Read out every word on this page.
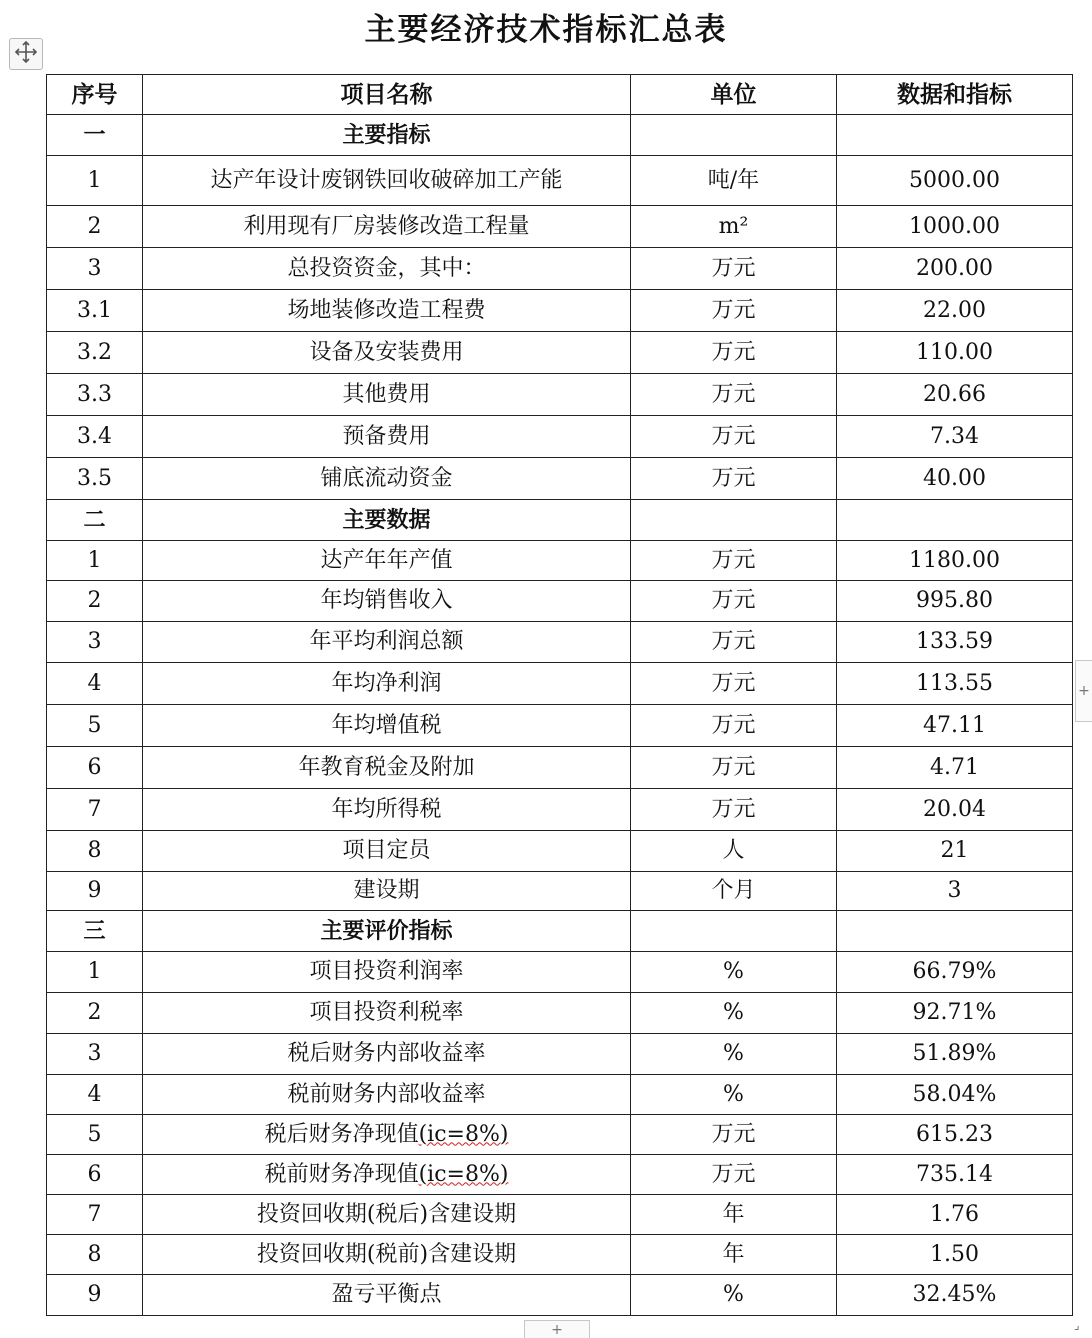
主要经济技术指标汇总表
序号	项目名称	单位	数据和指标
一	主要指标		
1	达产年设计废钢铁回收破碎加工产能	吨/年	5000.00
2	利用现有厂房装修改造工程量	m²	1000.00
3	总投资资金，其中：	万元	200.00
3.1	场地装修改造工程费	万元	22.00
3.2	设备及安装费用	万元	110.00
3.3	其他费用	万元	20.66
3.4	预备费用	万元	7.34
3.5	铺底流动资金	万元	40.00
二	主要数据		
1	达产年年产值	万元	1180.00
2	年均销售收入	万元	995.80
3	年平均利润总额	万元	133.59
4	年均净利润	万元	113.55
5	年均增值税	万元	47.11
6	年教育税金及附加	万元	4.71
7	年均所得税	万元	20.04
8	项目定员	人	21
9	建设期	个月	3
三	主要评价指标		
1	项目投资利润率	%	66.79%
2	项目投资利税率	%	92.71%
3	税后财务内部收益率	%	51.89%
4	税前财务内部收益率	%	58.04%
5	税后财务净现值(ic=8%)	万元	615.23
6	税前财务净现值(ic=8%)	万元	735.14
7	投资回收期(税后)含建设期	年	1.76
8	投资回收期(税前)含建设期	年	1.50
9	盈亏平衡点	%	32.45%
+
+	⌟
